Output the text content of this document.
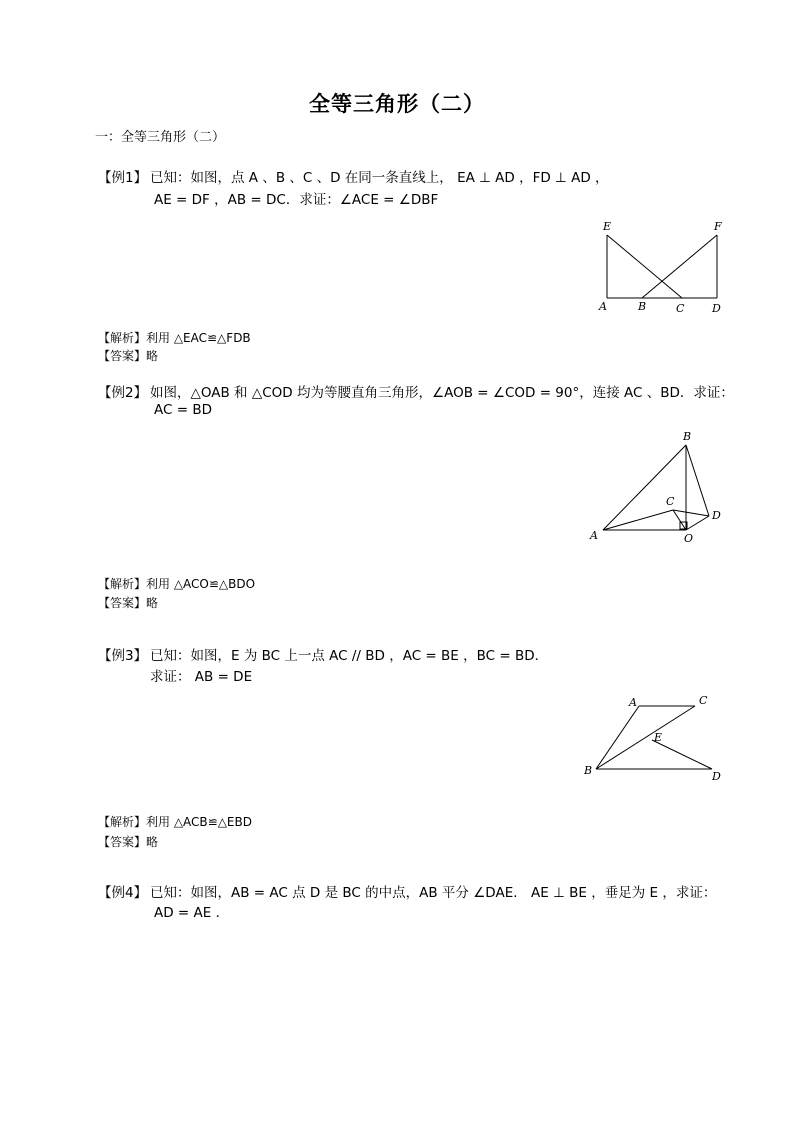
全等三角形（二）
一：全等三角形（二）
【例1】 已知：如图，点 A 、B 、C 、D 在同一条直线上， EA ⊥ AD ，FD ⊥ AD ，
AE = DF ，AB = DC．求证：∠ACE = ∠DBF
E	F
A	B	C	D
【解析】利用 △EAC≌△FDB
【答案】略
【例2】 如图，△OAB 和 △COD 均为等腰直角三角形，∠AOB = ∠COD = 90°，连接 AC 、BD．求证：
AC = BD
B
C
D
A	O
【解析】利用 △ACO≌△BDO
【答案】略
【例3】 已知：如图，E 为 BC 上一点 AC // BD ，AC = BE ，BC = BD．
求证： AB = DE
A	C
E
B	D
【解析】利用 △ACB≌△EBD
【答案】略
【例4】 已知：如图，AB = AC 点 D 是 BC 的中点，AB 平分 ∠DAE． AE ⊥ BE ，垂足为 E ，求证：
AD = AE ．
